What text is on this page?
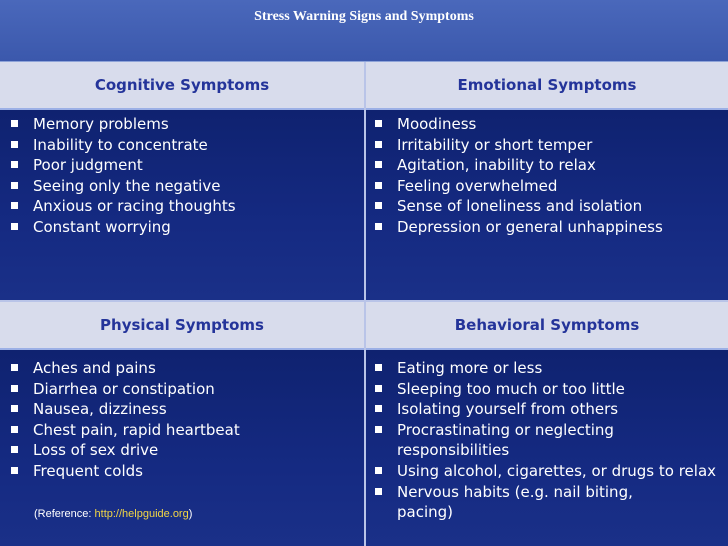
Stress Warning Signs and Symptoms
Cognitive Symptoms	Emotional Symptoms
Physical Symptoms	Behavioral Symptoms
Memory problems
Inability to concentrate
Poor judgment
Seeing only the negative
Anxious or racing thoughts
Constant worrying
Moodiness
Irritability or short temper
Agitation, inability to relax
Feeling overwhelmed
Sense of loneliness and isolation
Depression or general unhappiness
Aches and pains
Diarrhea or constipation
Nausea, dizziness
Chest pain, rapid heartbeat
Loss of sex drive
Frequent colds
Eating more or less
Sleeping too much or too little
Isolating yourself from others
Procrastinating or neglecting responsibilities
Using alcohol, cigarettes, or drugs to relax
Nervous habits (e.g. nail biting, pacing)
(Reference: http://helpguide.org)
